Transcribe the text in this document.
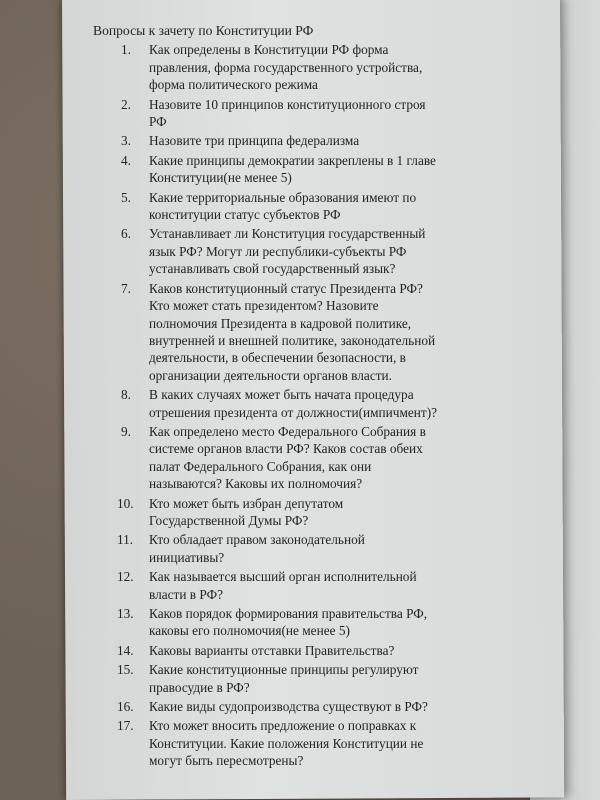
Вопросы к зачету по Конституции РФ
1. Как определены в Конституции РФ форма
правления, форма государственного устройства,
форма политического режима
2. Назовите 10 принципов конституционного строя
РФ
3. Назовите три принципа федерализма
4. Какие принципы демократии закреплены в 1 главе
Конституции(не менее 5)
5. Какие территориальные образования имеют по
конституции статус субъектов РФ
6. Устанавливает ли Конституция государственный
язык РФ? Могут ли республики-субъекты РФ
устанавливать свой государственный язык?
7. Каков конституционный статус Президента РФ?
Кто может стать президентом? Назовите
полномочия Президента в кадровой политике,
внутренней и внешней политике, законодательной
деятельности, в обеспечении безопасности, в
организации деятельности органов власти.
8. В каких случаях может быть начата процедура
отрешения президента от должности(импичмент)?
9. Как определено место Федерального Собрания в
системе органов власти РФ? Каков состав обеих
палат Федерального Собрания, как они
называются? Каковы их полномочия?
10. Кто может быть избран депутатом
Государственной Думы РФ?
11. Кто обладает правом законодательной
инициативы?
12. Как называется высший орган исполнительной
власти в РФ?
13. Каков порядок формирования правительства РФ,
каковы его полномочия(не менее 5)
14. Каковы варианты отставки Правительства?
15. Какие конституционные принципы регулируют
правосудие в РФ?
16. Какие виды судопроизводства существуют в РФ?
17. Кто может вносить предложение о поправках к
Конституции. Какие положения Конституции не
могут быть пересмотрены?
